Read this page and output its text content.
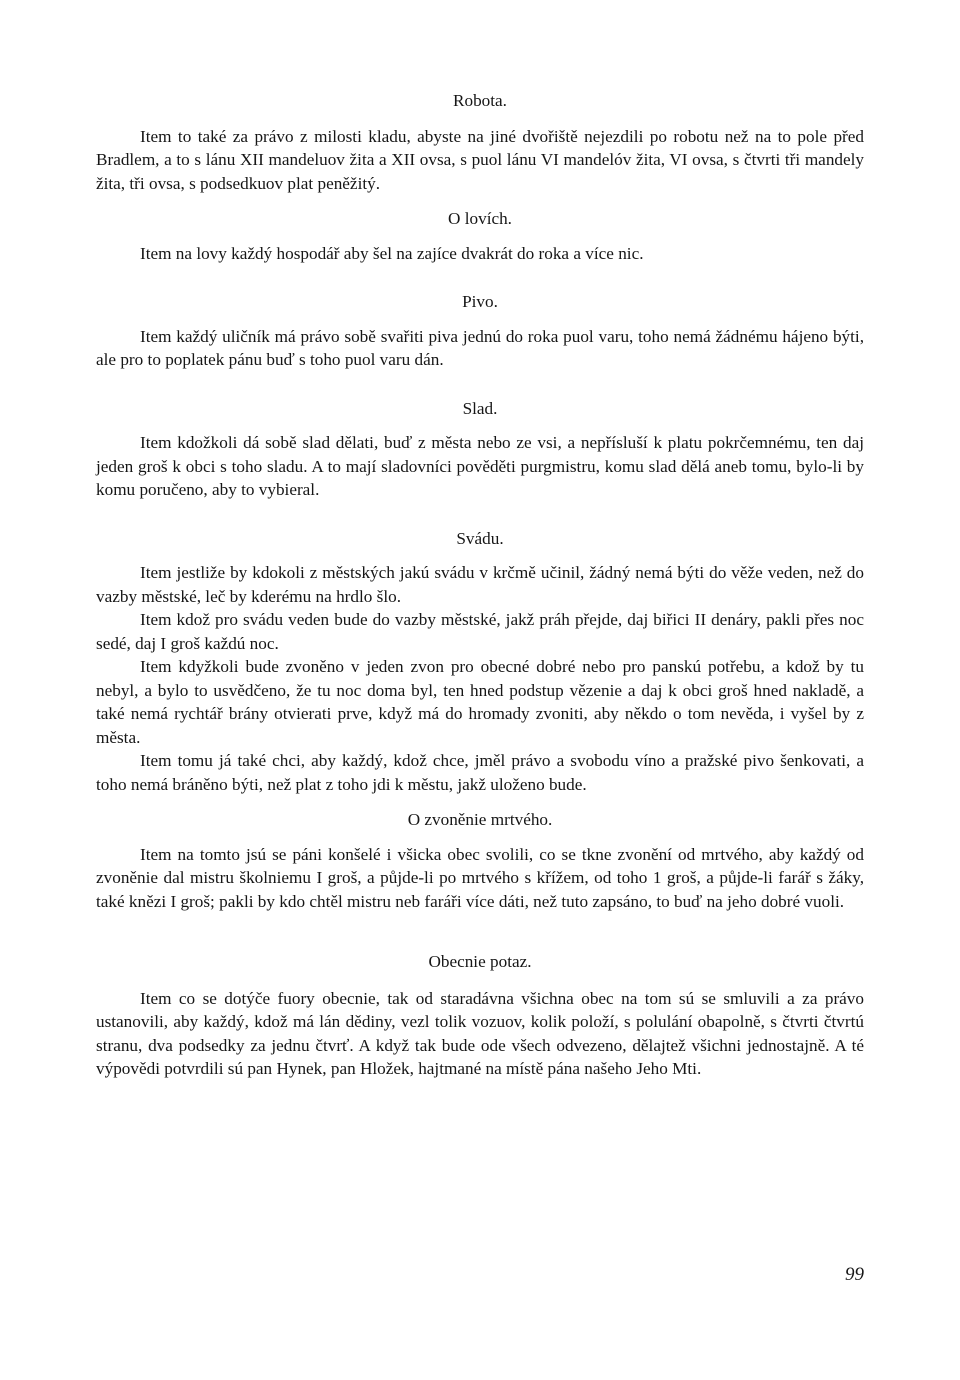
Robota.

Item to také za právo z milosti kladu, abyste na jiné dvořiště nejezdili po robotu než na to pole před Bradlem, a to s lánu XII mandeluov žita a XII ovsa, s puol lánu VI mandelóv žita, VI ovsa, s čtvrti tři mandely žita, tři ovsa, s podsedkuov plat peněžitý.

O lovích.

Item na lovy každý hospodář aby šel na zajíce dvakrát do roka a více nic.

Pivo.

Item každý uličník má právo sobě svařiti piva jednú do roka puol varu, toho nemá žádnému hájeno býti, ale pro to poplatek pánu buď s toho puol varu dán.

Slad.

Item kdožkoli dá sobě slad dělati, buď z města nebo ze vsi, a nepřísluší k platu pokrčemnému, ten daj jeden groš k obci s toho sladu. A to mají sladovníci pověděti purgmistru, komu slad dělá aneb tomu, bylo-li by komu poručeno, aby to vybieral.

Svádu.

Item jestliže by kdokoli z městských jakú svádu v krčmě učinil, žádný nemá býti do věže veden, než do vazby městské, leč by kderému na hrdlo šlo.

Item kdož pro svádu veden bude do vazby městské, jakž práh přejde, daj biřici II denáry, pakli přes noc sedé, daj I groš každú noc.

Item kdyžkoli bude zvoněno v jeden zvon pro obecné dobré nebo pro panskú potřebu, a kdož by tu nebyl, a bylo to usvědčeno, že tu noc doma byl, ten hned podstup vězenie a daj k obci groš hned nakladě, a také nemá rychtář brány otvierati prve, když má do hromady zvoniti, aby někdo o tom nevěda, i vyšel by z města.

Item tomu já také chci, aby každý, kdož chce, jměl právo a svobodu víno a pražské pivo šenkovati, a toho nemá bráněno býti, než plat z toho jdi k městu, jakž uloženo bude.

O zvoněnie mrtvého.

Item na tomto jsú se páni konšelé i všicka obec svolili, co se tkne zvonění od mrtvého, aby každý od zvoněnie dal mistru školniemu I groš, a půjde-li po mrtvého s křížem, od toho 1 groš, a půjde-li farář s žáky, také knězi I groš; pakli by kdo chtěl mistru neb faráři více dáti, než tuto zapsáno, to buď na jeho dobré vuoli.

Obecnie potaz.

Item co se dotýče fuory obecnie, tak od staradávna všichna obec na tom sú se smluvili a za právo ustanovili, aby každý, kdož má lán dědiny, vezl tolik vozuov, kolik položí, s polulání obapolně, s čtvrti čtvrtú stranu, dva podsedky za jednu čtvrť. A když tak bude ode všech odvezeno, dělajtež všichni jednostajně. A té výpovědi potvrdili sú pan Hynek, pan Hložek, hajtmané na místě pána našeho Jeho Mti.

99
